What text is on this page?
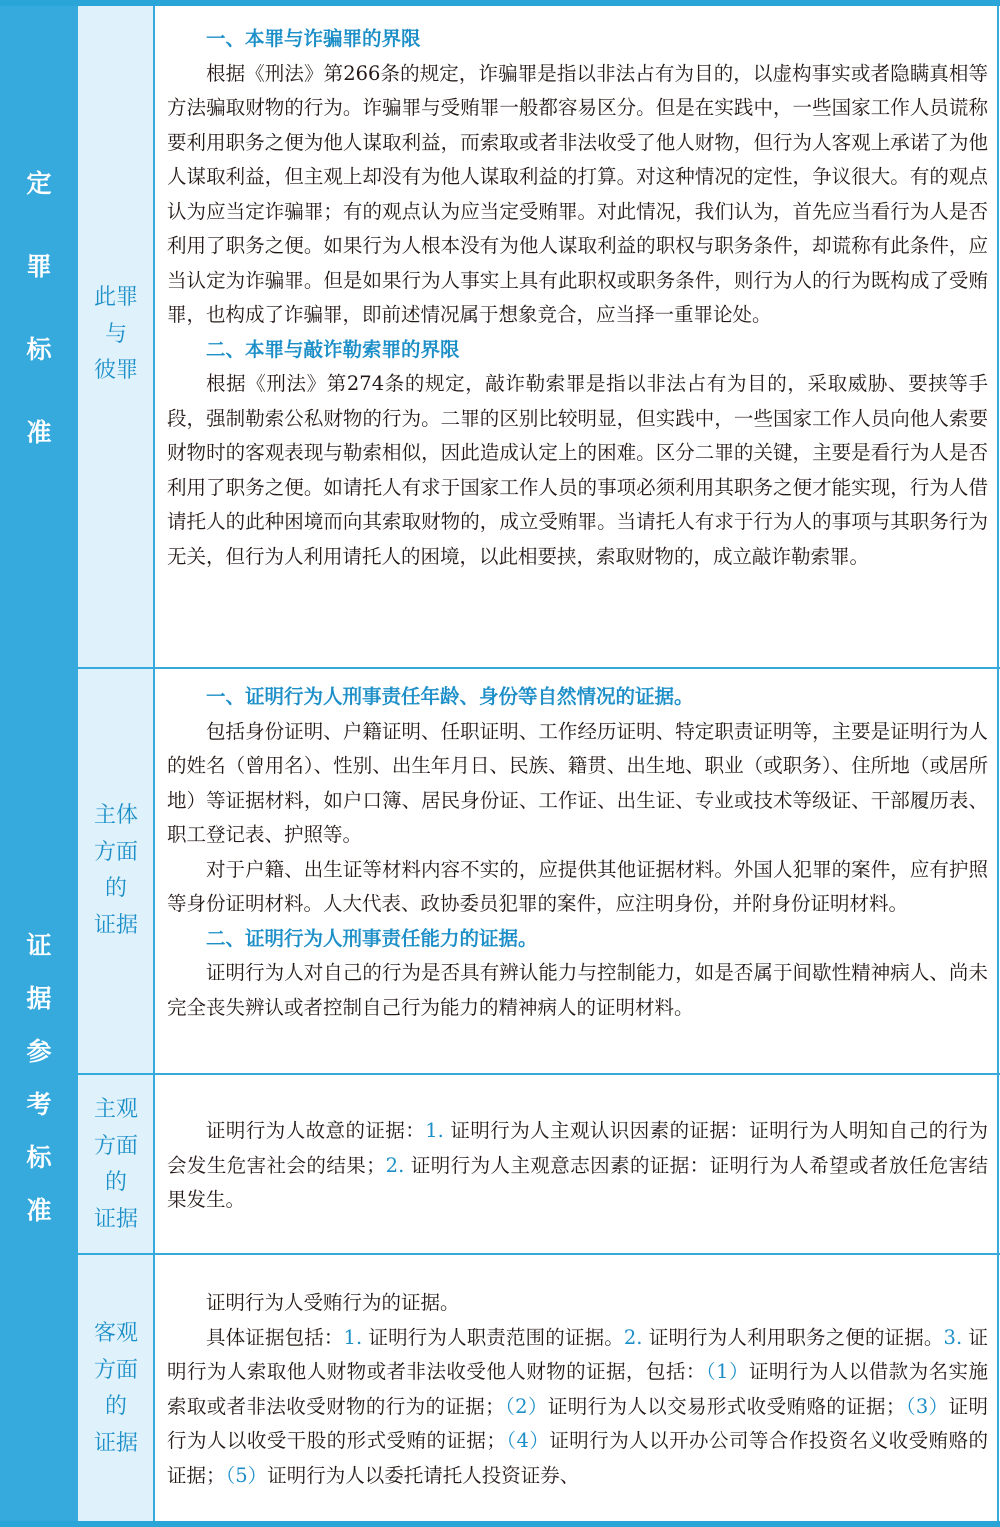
定
罪
标
准
证
据
参
考
标
准
此罪
与
彼罪
主体
方面
的
证据
主观
方面
的
证据
客观
方面
的
证据

一、本罪与诈骗罪的界限

根据《刑法》第266条的规定，诈骗罪是指以非法占有为目的，以虚构事实或者隐瞒真相等方法骗取财物的行为。诈骗罪与受贿罪一般都容易区分。但是在实践中，一些国家工作人员谎称要利用职务之便为他人谋取利益，而索取或者非法收受了他人财物，但行为人客观上承诺了为他人谋取利益，但主观上却没有为他人谋取利益的打算。对这种情况的定性，争议很大。有的观点认为应当定诈骗罪；有的观点认为应当定受贿罪。对此情况，我们认为，首先应当看行为人是否利用了职务之便。如果行为人根本没有为他人谋取利益的职权与职务条件，却谎称有此条件，应当认定为诈骗罪。但是如果行为人事实上具有此职权或职务条件，则行为人的行为既构成了受贿罪，也构成了诈骗罪，即前述情况属于想象竞合，应当择一重罪论处。

二、本罪与敲诈勒索罪的界限

根据《刑法》第274条的规定，敲诈勒索罪是指以非法占有为目的，采取威胁、要挟等手段，强制勒索公私财物的行为。二罪的区别比较明显，但实践中，一些国家工作人员向他人索要财物时的客观表现与勒索相似，因此造成认定上的困难。区分二罪的关键，主要是看行为人是否利用了职务之便。如请托人有求于国家工作人员的事项必须利用其职务之便才能实现，行为人借请托人的此种困境而向其索取财物的，成立受贿罪。当请托人有求于行为人的事项与其职务行为无关，但行为人利用请托人的困境，以此相要挟，索取财物的，成立敲诈勒索罪。

一、证明行为人刑事责任年龄、身份等自然情况的证据。

包括身份证明、户籍证明、任职证明、工作经历证明、特定职责证明等，主要是证明行为人的姓名（曾用名）、性别、出生年月日、民族、籍贯、出生地、职业（或职务）、住所地（或居所地）等证据材料，如户口簿、居民身份证、工作证、出生证、专业或技术等级证、干部履历表、职工登记表、护照等。

对于户籍、出生证等材料内容不实的，应提供其他证据材料。外国人犯罪的案件，应有护照等身份证明材料。人大代表、政协委员犯罪的案件，应注明身份，并附身份证明材料。

二、证明行为人刑事责任能力的证据。

证明行为人对自己的行为是否具有辨认能力与控制能力，如是否属于间歇性精神病人、尚未完全丧失辨认或者控制自己行为能力的精神病人的证明材料。

证明行为人故意的证据：1. 证明行为人主观认识因素的证据：证明行为人明知自己的行为会发生危害社会的结果；2. 证明行为人主观意志因素的证据：证明行为人希望或者放任危害结果发生。

证明行为人受贿行为的证据。

具体证据包括：1. 证明行为人职责范围的证据。2. 证明行为人利用职务之便的证据。3. 证明行为人索取他人财物或者非法收受他人财物的证据，包括：（1）证明行为人以借款为名实施索取或者非法收受财物的行为的证据；（2）证明行为人以交易形式收受贿赂的证据；（3）证明行为人以收受干股的形式受贿的证据；（4）证明行为人以开办公司等合作投资名义收受贿赂的证据；（5）证明行为人以委托请托人投资证券、
